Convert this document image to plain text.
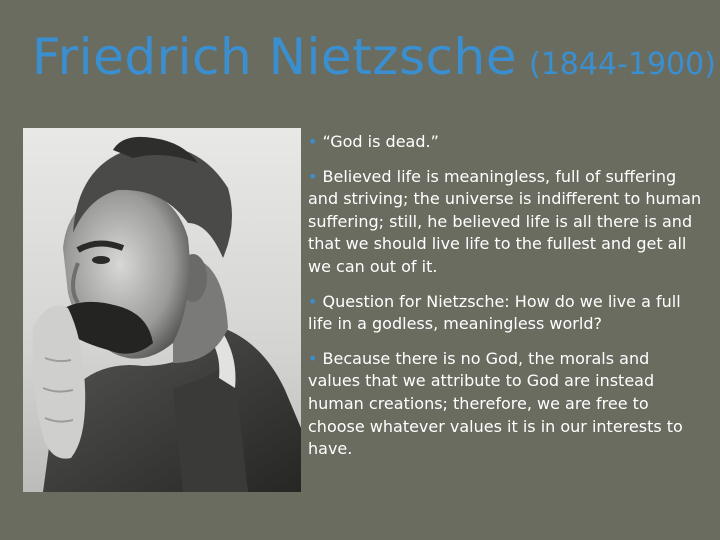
Friedrich Nietzsche (1844-1900)

• “God is dead.”

• Believed life is meaningless, full of suffering and striving; the universe is indifferent to human suffering; still, he believed life is all there is and that we should live life to the fullest and get all we can out of it.

• Question for Nietzsche: How do we live a full life in a godless, meaningless world?

• Because there is no God, the morals and values that we attribute to God are instead human creations; therefore, we are free to choose whatever values it is in our interests to have.
